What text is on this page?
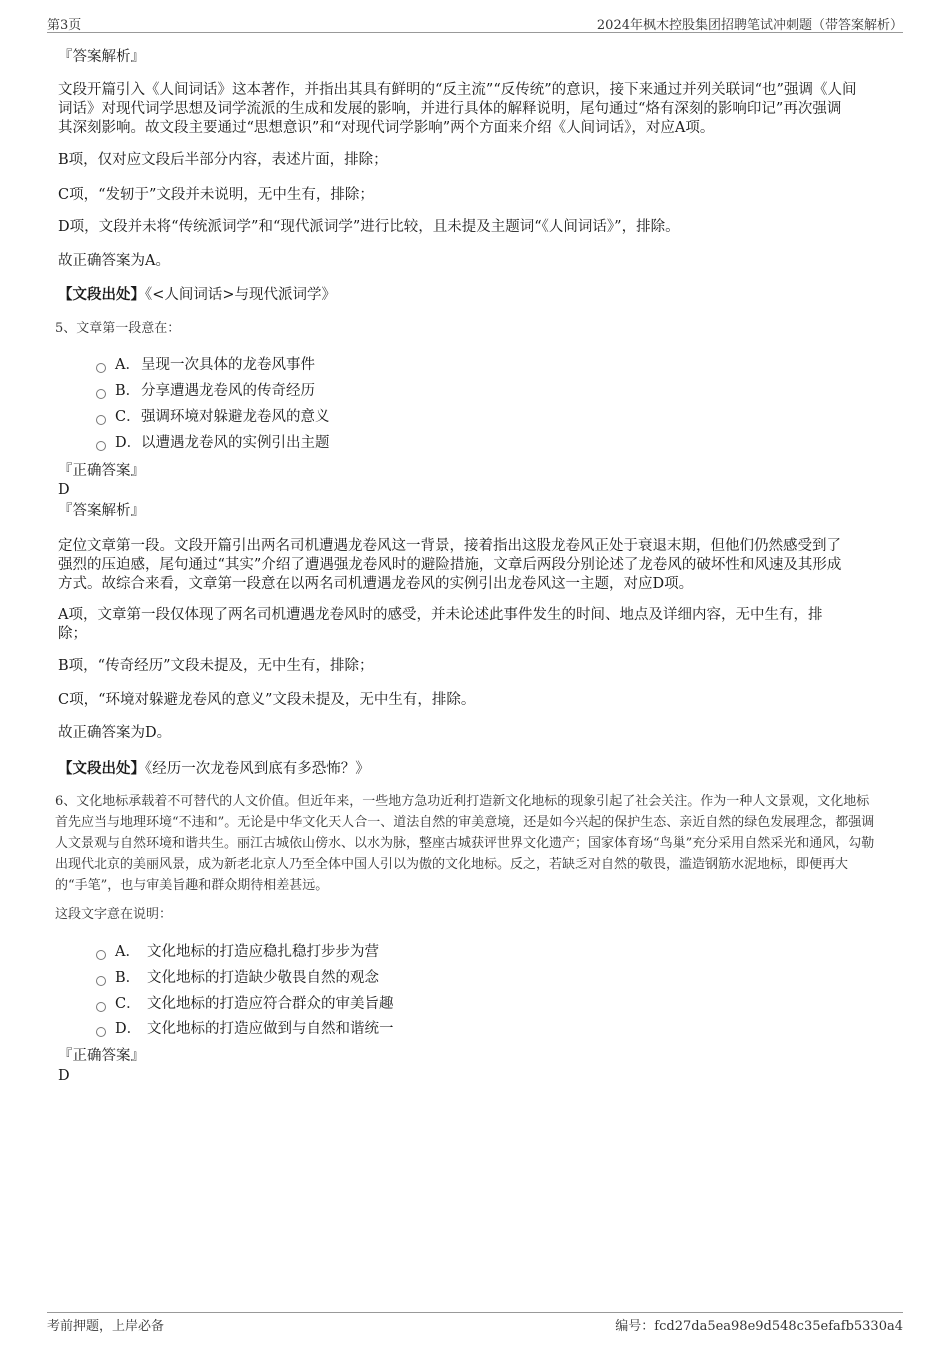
第3页	2024年枫木控股集团招聘笔试冲刺题（带答案解析）
『答案解析』
文段开篇引入《人间词话》这本著作，并指出其具有鲜明的“反主流”“反传统”的意识，接下来通过并列关联词“也”强调《人间
词话》对现代词学思想及词学流派的生成和发展的影响，并进行具体的解释说明，尾句通过“烙有深刻的影响印记”再次强调
其深刻影响。故文段主要通过“思想意识”和“对现代词学影响”两个方面来介绍《人间词话》，对应A项。
B项，仅对应文段后半部分内容，表述片面，排除；
C项，“发轫于”文段并未说明，无中生有，排除；
D项，文段并未将“传统派词学”和“现代派词学”进行比较，且未提及主题词“《人间词话》”，排除。
故正确答案为A。
【文段出处】《<人间词话>与现代派词学》
5、文章第一段意在：
A．呈现一次具体的龙卷风事件
B．分享遭遇龙卷风的传奇经历
C．强调环境对躲避龙卷风的意义
D．以遭遇龙卷风的实例引出主题
『正确答案』
D
『答案解析』
定位文章第一段。文段开篇引出两名司机遭遇龙卷风这一背景，接着指出这股龙卷风正处于衰退末期，但他们仍然感受到了
强烈的压迫感，尾句通过“其实”介绍了遭遇强龙卷风时的避险措施，文章后两段分别论述了龙卷风的破坏性和风速及其形成
方式。故综合来看，文章第一段意在以两名司机遭遇龙卷风的实例引出龙卷风这一主题，对应D项。
A项，文章第一段仅体现了两名司机遭遇龙卷风时的感受，并未论述此事件发生的时间、地点及详细内容，无中生有，排
除；
B项，“传奇经历”文段未提及，无中生有，排除；
C项，“环境对躲避龙卷风的意义”文段未提及，无中生有，排除。
故正确答案为D。
【文段出处】《经历一次龙卷风到底有多恐怖？》
6、文化地标承载着不可替代的人文价值。但近年来，一些地方急功近利打造新文化地标的现象引起了社会关注。作为一种人文景观，文化地标
首先应当与地理环境“不违和”。无论是中华文化天人合一、道法自然的审美意境，还是如今兴起的保护生态、亲近自然的绿色发展理念，都强调
人文景观与自然环境和谐共生。丽江古城依山傍水、以水为脉，整座古城获评世界文化遗产；国家体育场“鸟巢”充分采用自然采光和通风，勾勒
出现代北京的美丽风景，成为新老北京人乃至全体中国人引以为傲的文化地标。反之，若缺乏对自然的敬畏，滥造钢筋水泥地标，即便再大
的“手笔”，也与审美旨趣和群众期待相差甚远。
这段文字意在说明：
A． 文化地标的打造应稳扎稳打步步为营
B． 文化地标的打造缺少敬畏自然的观念
C． 文化地标的打造应符合群众的审美旨趣
D． 文化地标的打造应做到与自然和谐统一
『正确答案』
D
考前押题，上岸必备	编号：fcd27da5ea98e9d548c35efafb5330a4
